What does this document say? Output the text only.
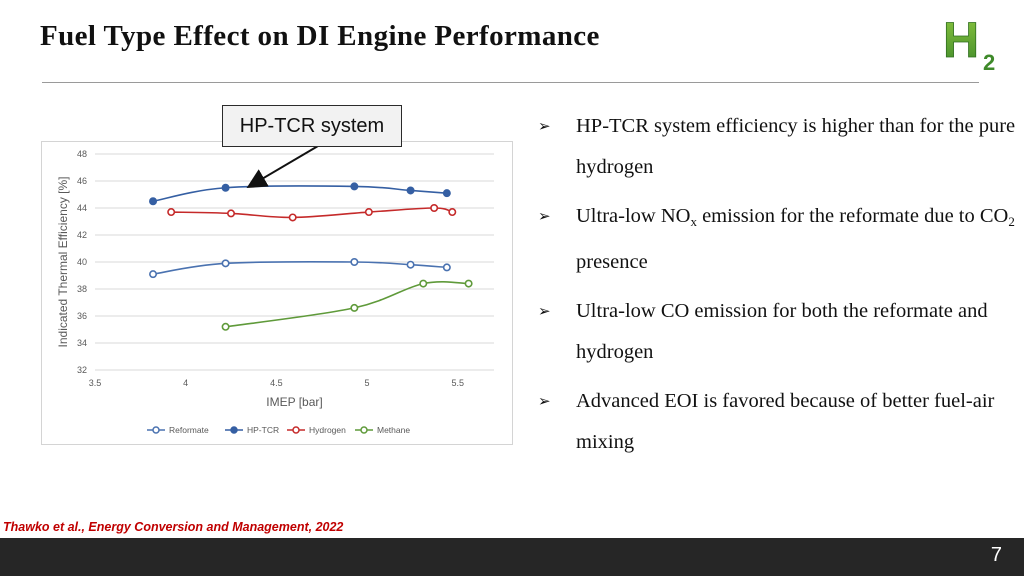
Fuel Type Effect on DI Engine Performance	H 2
32
34
36
38
40
42
44
46
48
3.5	4	4.5	5	5.5
IMEP [bar]
Indicated Thermal Efficiency [%]
Reformate	HP-TCR	Hydrogen	Methane
HP-TCR system	➢ HP-TCR system efficiency is higher than for the pure hydrogen
➢ Ultra-low $NO_x$ emission for the reformate due to $CO_2$ presence
➢ Ultra-low CO emission for both the reformate and hydrogen
➢ Advanced EOI is favored because of better fuel-air mixing
Thawko et al., Energy Conversion and Management, 2022
7
